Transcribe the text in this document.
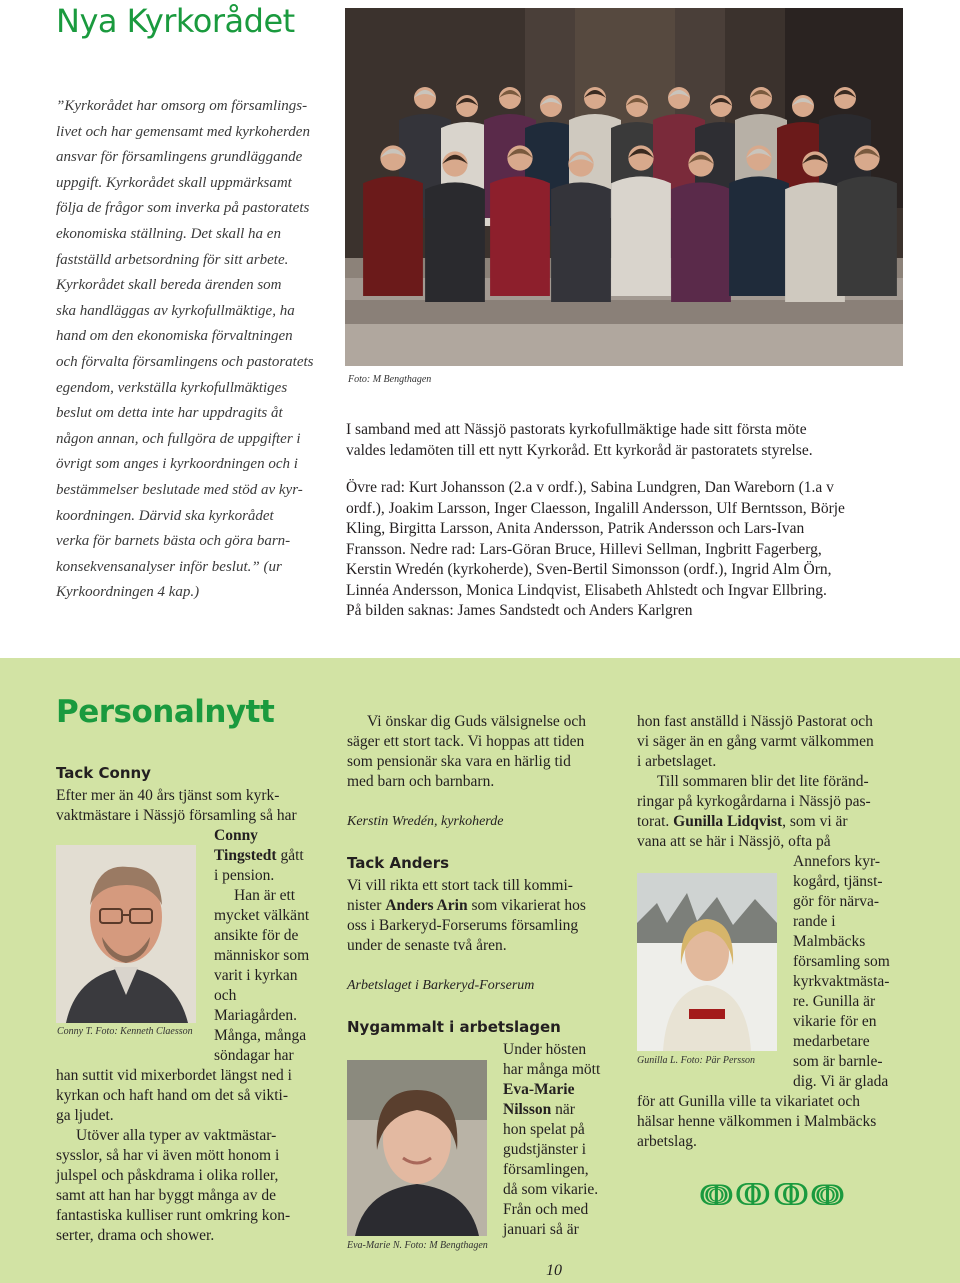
Nya Kyrkorådet
”Kyrkorådet har omsorg om församlings-
livet och har gemensamt med kyrkoherden
ansvar för församlingens grundläggande
uppgift. Kyrkorådet skall uppmärksamt
följa de frågor som inverka på pastoratets
ekonomiska ställning. Det skall ha en
fastställd arbetsordning för sitt arbete.
Kyrkorådet skall bereda ärenden som
ska handläggas av kyrkofullmäktige, ha
hand om den ekonomiska förvaltningen
och förvalta församlingens och pastoratets
egendom, verkställa kyrkofullmäktiges
beslut om detta inte har uppdragits åt
någon annan, och fullgöra de uppgifter i
övrigt som anges i kyrkoordningen och i
bestämmelser beslutade med stöd av kyr-
koordningen. Därvid ska kyrkorådet
verka för barnets bästa och göra barn-
konsekvensanalyser inför beslut.” (ur
Kyrkoordningen 4 kap.)
Foto: M Bengthagen
I samband med att Nässjö pastorats kyrkofullmäktige hade sitt första möte
valdes ledamöten till ett nytt Kyrkoråd. Ett kyrkoråd är pastoratets styrelse.
Övre rad: Kurt Johansson (2.a v ordf.), Sabina Lundgren, Dan Wareborn (1.a v
ordf.), Joakim Larsson, Inger Claesson, Ingalill Andersson, Ulf Berntsson, Börje
Kling, Birgitta Larsson, Anita Andersson, Patrik Andersson och Lars-Ivan
Fransson. Nedre rad: Lars-Göran Bruce, Hillevi Sellman, Ingbritt Fagerberg,
Kerstin Wredén (kyrkoherde), Sven-Bertil Simonsson (ordf.), Ingrid Alm Örn,
Linnéa Andersson, Monica Lindqvist, Elisabeth Ahlstedt och Ingvar Ellbring.
På bilden saknas: James Sandstedt och Anders Karlgren
Personalnytt
Tack Conny
Efter mer än 40 års tjänst som kyrk-
vaktmästare i Nässjö församling så har
Conny T. Foto: Kenneth Claesson
Conny
Tingstedt gått
i pension.
Han är ett
mycket välkänt
ansikte för de
människor som
varit i kyrkan
och
Mariagården.
Många, många
söndagar har
han suttit vid mixerbordet längst ned i
kyrkan och haft hand om det så vikti-
ga ljudet.
Utöver alla typer av vaktmästar-
sysslor, så har vi även mött honom i
julspel och påskdrama i olika roller,
samt att han har byggt många av de
fantastiska kulliser runt omkring kon-
serter, drama och shower.
Vi önskar dig Guds välsignelse och
säger ett stort tack. Vi hoppas att tiden
som pensionär ska vara en härlig tid
med barn och barnbarn.
Kerstin Wredén, kyrkoherde
Tack Anders
Vi vill rikta ett stort tack till kommi-
nister Anders Arin som vikarierat hos
oss i Barkeryd-Forserums församling
under de senaste två åren.
Arbetslaget i Barkeryd-Forserum
Nygammalt i arbetslagen
Eva-Marie N. Foto: M Bengthagen
Under hösten
har många mött
Eva-Marie
Nilsson när
hon spelat på
gudstjänster i
församlingen,
då som vikarie.
Från och med
januari så är
10
hon fast anställd i Nässjö Pastorat och
vi säger än en gång varmt välkommen
i arbetslaget.
Till sommaren blir det lite föränd-
ringar på kyrkogårdarna i Nässjö pas-
torat. Gunilla Lidqvist, som vi är
vana att se här i Nässjö, ofta på
Gunilla L. Foto: Pär Persson
Annefors kyr-
kogård, tjänst-
gör för närva-
rande i
Malmbäcks
församling som
kyrkvaktmästa-
re. Gunilla är
vikarie för en
medarbetare
som är barnle-
dig. Vi är glada
för att Gunilla ville ta vikariatet och
hälsar henne välkommen i Malmbäcks
arbetslag.
ↈↂↂↈ
